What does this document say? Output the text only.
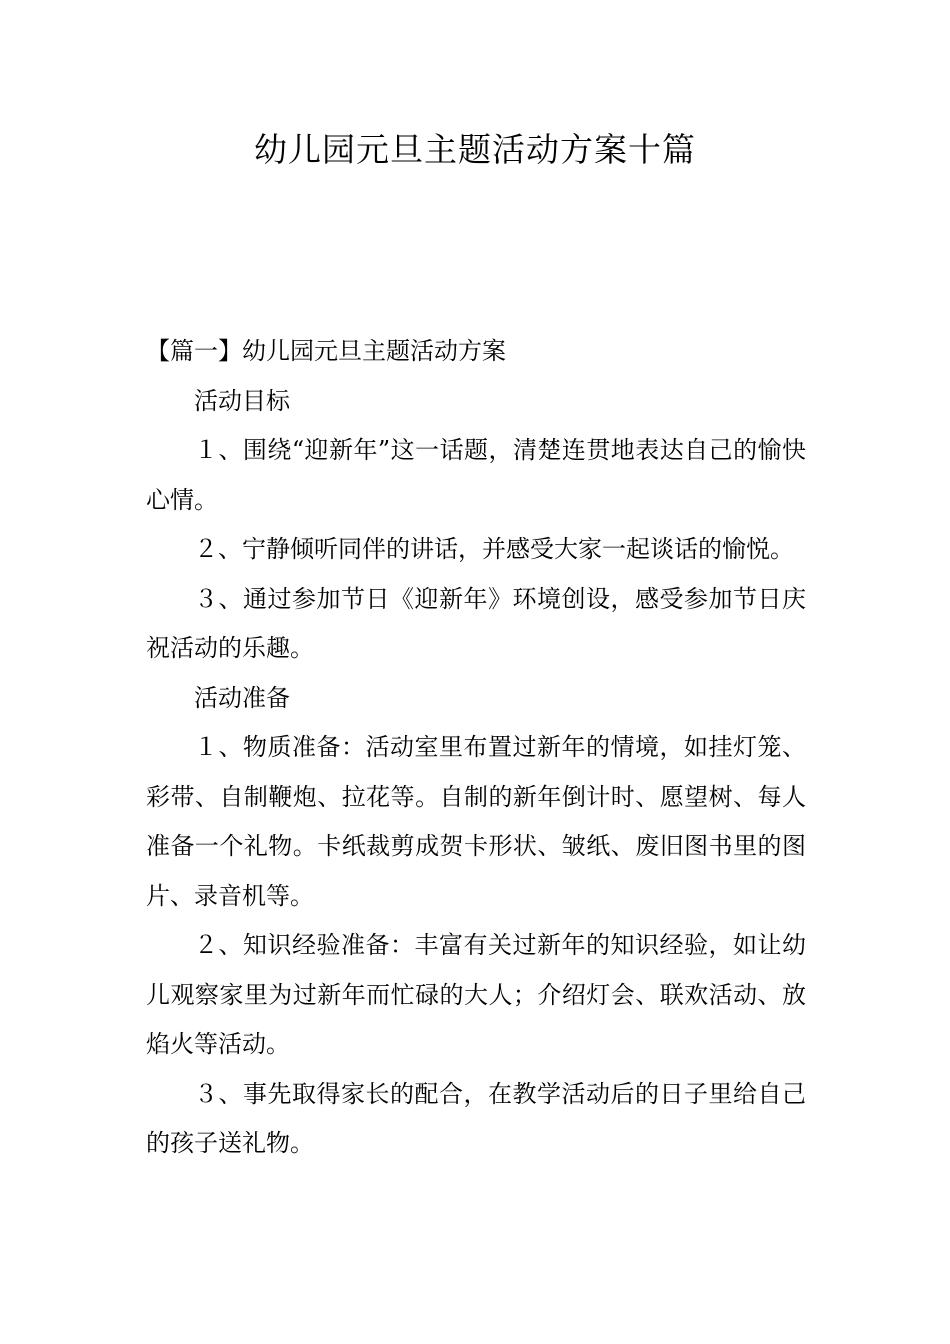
幼儿园元旦主题活动方案十篇

【篇一】幼儿园元旦主题活动方案

活动目标

１、围绕“迎新年”这一话题，清楚连贯地表达自己的愉快心情。

２、宁静倾听同伴的讲话，并感受大家一起谈话的愉悦。

３、通过参加节日《迎新年》环境创设，感受参加节日庆祝活动的乐趣。

活动准备

１、物质准备：活动室里布置过新年的情境，如挂灯笼、彩带、自制鞭炮、拉花等。自制的新年倒计时、愿望树、每人准备一个礼物。卡纸裁剪成贺卡形状、皱纸、废旧图书里的图片、录音机等。

２、知识经验准备：丰富有关过新年的知识经验，如让幼儿观察家里为过新年而忙碌的大人；介绍灯会、联欢活动、放焰火等活动。

３、事先取得家长的配合，在教学活动后的日子里给自己的孩子送礼物。
